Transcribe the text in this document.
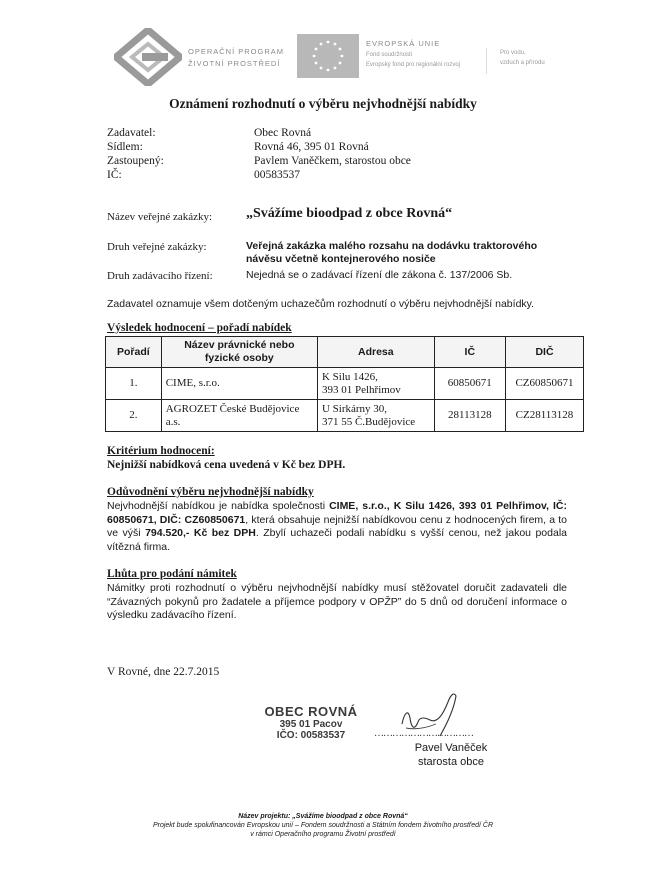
OPERAČNÍ PROGRAM
ŽIVOTNÍ PROSTŘEDÍ
EVROPSKÁ UNIE
Fond soudržnosti
Evropský fond pro regionální rozvoj
Pro vodu,
vzduch a přírodu
Oznámení rozhodnutí o výběru nejvhodnější nabídky
Zadavatel:	Obec Rovná
Sídlem:	Rovná 46, 395 01 Rovná
Zastoupený:	Pavlem Vaněčkem, starostou obce
IČ:	00583537
Název veřejné zakázky: „Svážíme bioodpad z obce Rovná“
Druh veřejné zakázky:	Veřejná zakázka malého rozsahu na dodávku traktorového
návěsu včetně kontejnerového nosiče
Druh zadávacího řízení:	Nejedná se o zadávací řízení dle zákona č. 137/2006 Sb.
Zadavatel oznamuje všem dotčeným uchazečům rozhodnutí o výběru nejvhodnější nabídky.
Výsledek hodnocení – pořadí nabídek
Pořadí	Název právnické nebo fyzické osoby	Adresa	IČ	DIČ
1.	CIME, s.r.o.	K Silu 1426,
393 01 Pelhřimov	60850671	CZ60850671
2.	AGROZET České Budějovice a.s.	U Sirkárny 30,
371 55 Č.Budějovice	28113128	CZ28113128
Kritérium hodnocení:
Nejnižší nabídková cena uvedená v Kč bez DPH.
Odůvodnění výběru nejvhodnější nabídky
Nejvhodnější nabídkou je nabídka společnosti CIME, s.r.o., K Silu 1426, 393 01 Pelhřimov, IČ: 60850671, DIČ: CZ60850671, která obsahuje nejnižší nabídkovou cenu z hodnocených firem, a to ve výši 794.520,- Kč bez DPH. Zbylí uchazeči podali nabídku s vyšší cenou, než jakou podala vítězná firma.
Lhůta pro podání námitek
Námitky proti rozhodnutí o výběru nejvhodnější nabídky musí stěžovatel doručit zadavateli dle “Závazných pokynů pro žadatele a příjemce podpory v OPŽP” do 5 dnů od doručení informace o výsledku zadávacího řízení.
V Rovné, dne 22.7.2015
OBEC ROVNÁ
395 01 Pacov
IČO: 00583537	……………………………
Pavel Vaněček
starosta obce
Název projektu: „Svážíme bioodpad z obce Rovná“
Projekt bude spolufinancován Evropskou unií – Fondem soudržnosti a Státním fondem životního prostředí ČR
v rámci Operačního programu Životní prostředí
